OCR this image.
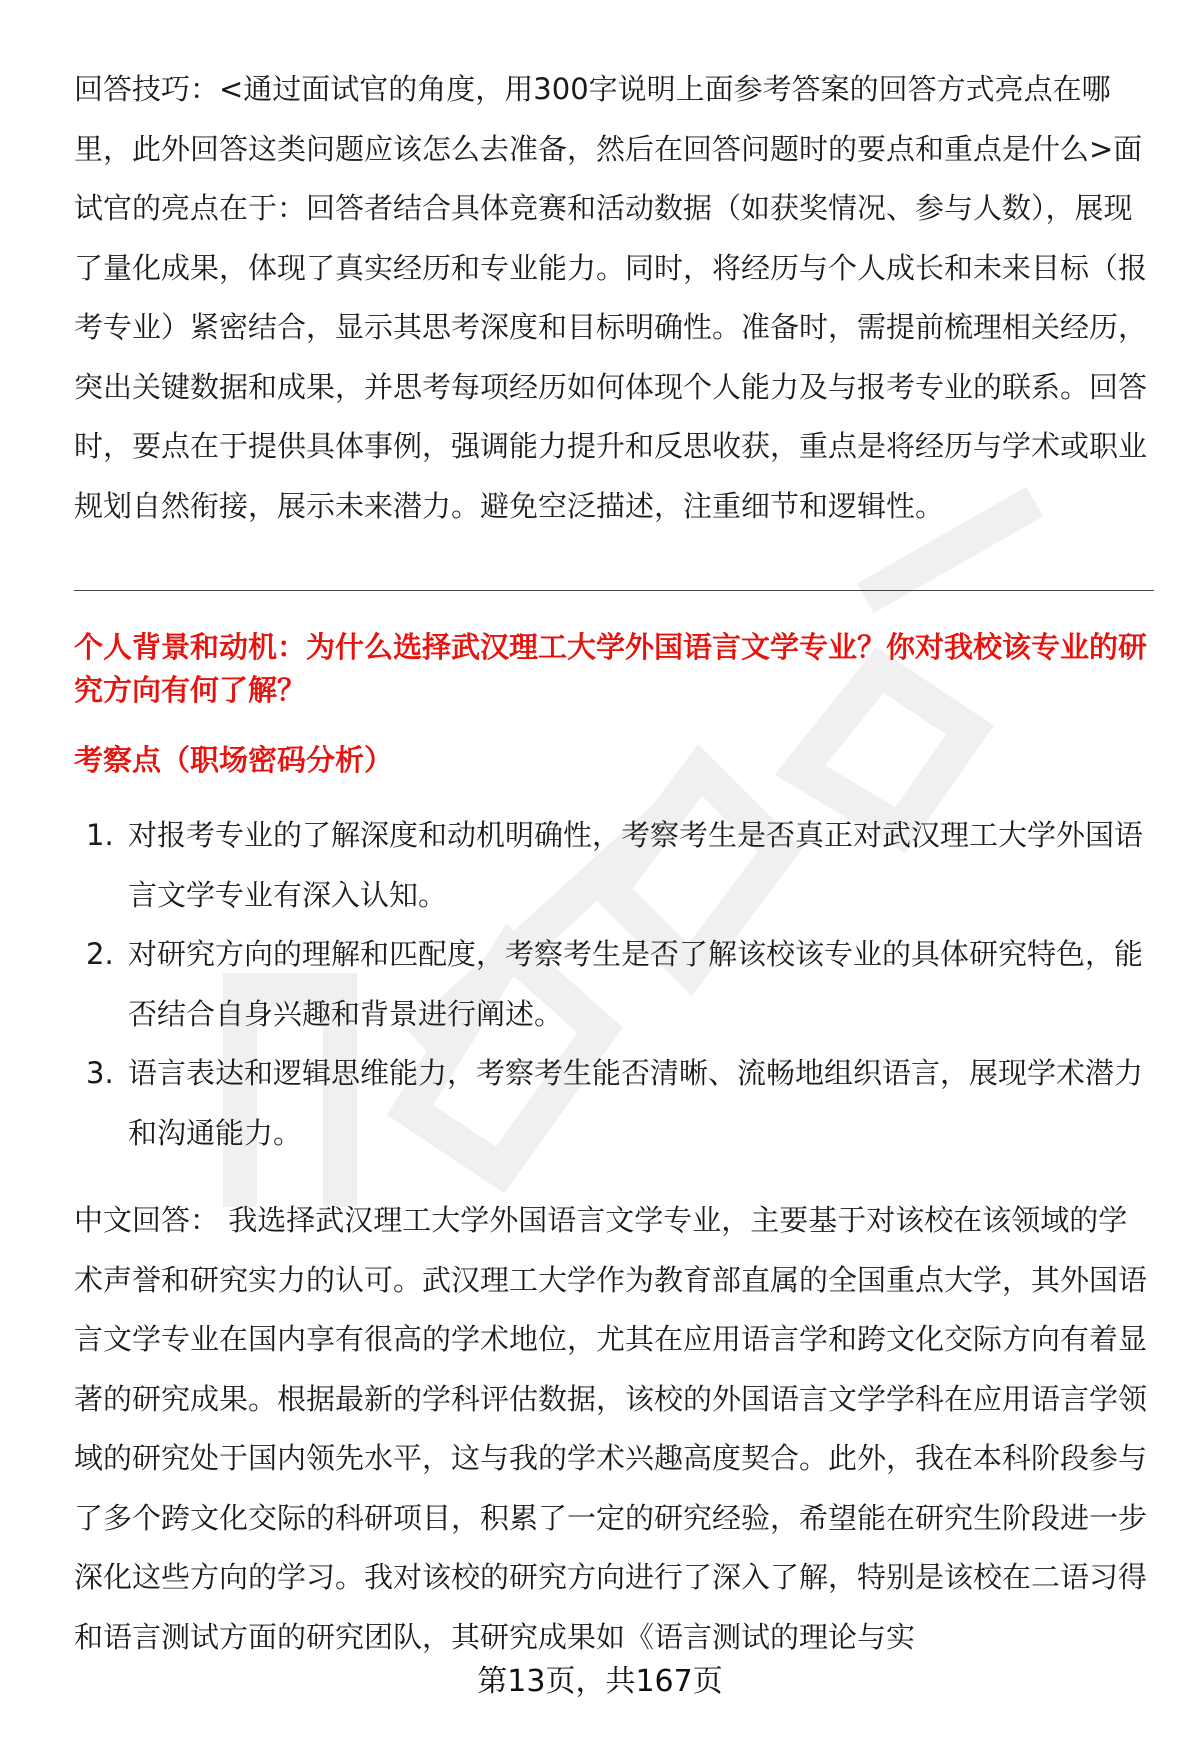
回答技巧：<通过面试官的角度，用300字说明上面参考答案的回答方式亮点在哪里，此外回答这类问题应该怎么去准备，然后在回答问题时的要点和重点是什么>面试官的亮点在于：回答者结合具体竞赛和活动数据（如获奖情况、参与人数），展现了量化成果，体现了真实经历和专业能力。同时，将经历与个人成长和未来目标（报考专业）紧密结合，显示其思考深度和目标明确性。准备时，需提前梳理相关经历，突出关键数据和成果，并思考每项经历如何体现个人能力及与报考专业的联系。回答时，要点在于提供具体事例，强调能力提升和反思收获，重点是将经历与学术或职业规划自然衔接，展示未来潜力。避免空泛描述，注重细节和逻辑性。

个人背景和动机：为什么选择武汉理工大学外国语言文学专业？你对我校该专业的研究方向有何了解？
考察点（职场密码分析）
1. 对报考专业的了解深度和动机明确性，考察考生是否真正对武汉理工大学外国语言文学专业有深入认知。
2. 对研究方向的理解和匹配度，考察考生是否了解该校该专业的具体研究特色，能否结合自身兴趣和背景进行阐述。
3. 语言表达和逻辑思维能力，考察考生能否清晰、流畅地组织语言，展现学术潜力和沟通能力。

中文回答： 我选择武汉理工大学外国语言文学专业，主要基于对该校在该领域的学术声誉和研究实力的认可。武汉理工大学作为教育部直属的全国重点大学，其外国语言文学专业在国内享有很高的学术地位，尤其在应用语言学和跨文化交际方向有着显著的研究成果。根据最新的学科评估数据，该校的外国语言文学学科在应用语言学领域的研究处于国内领先水平，这与我的学术兴趣高度契合。此外，我在本科阶段参与了多个跨文化交际的科研项目，积累了一定的研究经验，希望能在研究生阶段进一步深化这些方向的学习。我对该校的研究方向进行了深入了解，特别是该校在二语习得和语言测试方面的研究团队，其研究成果如《语言测试的理论与实

第13页，共167页
